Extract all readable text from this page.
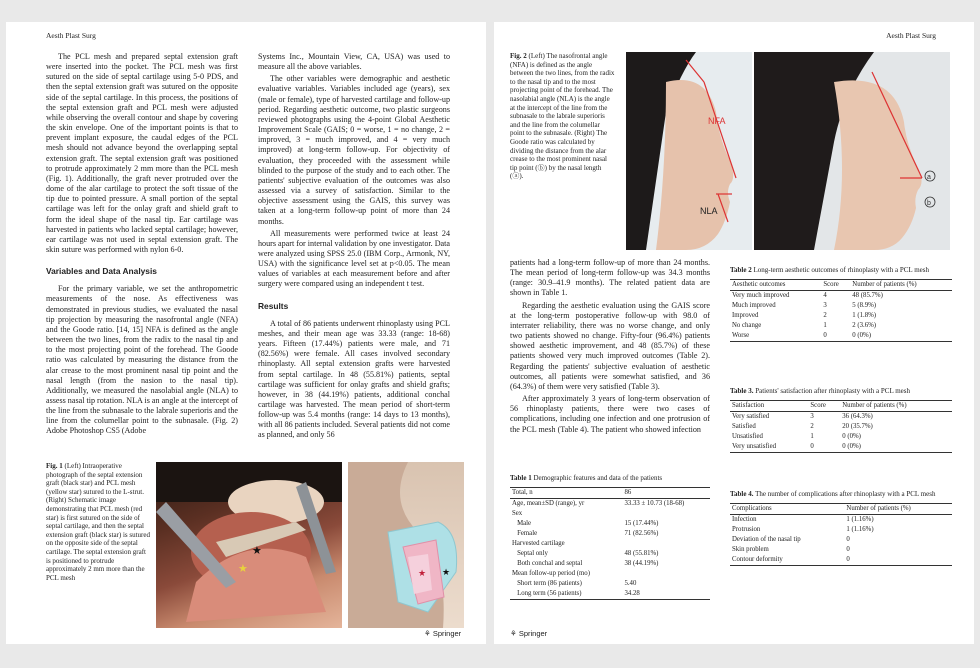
Aesth Plast Surg

The PCL mesh and prepared septal extension graft were inserted into the pocket. The PCL mesh was first sutured on the side of septal cartilage using 5-0 PDS, and then the septal extension graft was sutured on the opposite side of the septal cartilage. In this process, the positions of the septal extension graft and PCL mesh were adjusted while observing the overall contour and shape by covering the skin envelope. One of the important points is that to prevent implant exposure, the caudal edges of the PCL mesh should not advance beyond the overlapping septal extension graft. The septal extension graft was positioned to protrude approximately 2 mm more than the PCL mesh (Fig. 1). Additionally, the graft never protruded over the dome of the alar cartilage to protect the soft tissue of the tip due to pointed pressure. A small portion of the septal cartilage was left for the onlay graft and shield graft to form the ideal shape of the nasal tip. Ear cartilage was harvested in patients who lacked septal cartilage; however, ear cartilage was not used in septal extension graft. The skin suture was performed with nylon 6-0.

Variables and Data Analysis

For the primary variable, we set the anthropometric measurements of the nose. As effectiveness was demonstrated in previous studies, we evaluated the nasal tip projection by measuring the nasofrontal angle (NFA) and the Goode ratio. [14, 15] NFA is defined as the angle between the two lines, from the radix to the nasal tip and to the most projecting point of the forehead. The Goode ratio was calculated by measuring the distance from the alar crease to the most prominent nasal tip point and the nasal length (from the nasion to the nasal tip). Additionally, we measured the nasolabial angle (NLA) to assess nasal tip rotation. NLA is an angle at the intercept of the line from the subnasale to the labrale superioris and the line from the columellar point to the subnasale. (Fig. 2) Adobe Photoshop CS5 (Adobe

Systems Inc., Mountain View, CA, USA) was used to measure all the above variables.

The other variables were demographic and aesthetic evaluative variables. Variables included age (years), sex (male or female), type of harvested cartilage and follow-up period. Regarding aesthetic outcome, two plastic surgeons reviewed photographs using the 4-point Global Aesthetic Improvement Scale (GAIS; 0 = worse, 1 = no change, 2 = improved, 3 = much improved, and 4 = very much improved) at long-term follow-up. For objectivity of evaluation, they proceeded with the assessment while blinded to the purpose of the study and to each other. The patients' subjective evaluation of the outcomes was also assessed via a survey of satisfaction. Similar to the objective assessment using the GAIS, this survey was taken at a long-term follow-up point of more than 24 months.

All measurements were performed twice at least 24 hours apart for internal validation by one investigator. Data were analyzed using SPSS 25.0 (IBM Corp., Armonk, NY, USA) with the significance level set at p<0.05. The mean values of variables at each measurement before and after surgery were compared using an independent t test.

Results

A total of 86 patients underwent rhinoplasty using PCL meshes, and their mean age was 33.33 (range: 18-68) years. Fifteen (17.44%) patients were male, and 71 (82.56%) were female. All cases involved secondary rhinoplasty. All septal extension grafts were harvested from septal cartilage. In 48 (55.81%) patients, septal cartilage was sufficient for onlay grafts and shield grafts; however, in 38 (44.19%) patients, additional conchal cartilage was harvested. The mean period of short-term follow-up was 5.4 months (range: 14 days to 13 months), with all 86 patients included. Several patients did not come as planned, and only 56

Fig. 1 (Left) Intraoperative photograph of the septal extension graft (black star) and PCL mesh (yellow star) sutured to the L-strut. (Right) Schematic image demonstrating that PCL mesh (red star) is first sutured on the side of septal cartilage, and then the septal extension graft (black star) is sutured on the opposite side of the septal cartilage. The septal extension graft is positioned to protrude approximately 2 mm more than the PCL mesh
★
★	★ ★
⚘ Springer
Aesth Plast Surg
Fig. 2 (Left) The nasofrontal angle (NFA) is defined as the angle between the two lines, from the radix to the nasal tip and to the most projecting point of the forehead. The nasolabial angle (NLA) is the angle at the intercept of the line from the subnasale to the labrale superioris and the line from the columellar point to the subnasale. (Right) The Goode ratio was calculated by dividing the distance from the alar crease to the most prominent nasal tip point (ⓑ) by the nasal length (ⓐ).
NFA
NLA
a
b

patients had a long-term follow-up of more than 24 months. The mean period of long-term follow-up was 34.3 months (range: 30.9–41.9 months). The related patient data are shown in Table 1.

Regarding the aesthetic evaluation using the GAIS score at the long-term postoperative follow-up with 98.0 of interrater reliability, there was no worse change, and only two patients showed no change. Fifty-four (96.4%) patients showed aesthetic improvement, and 48 (85.7%) of these patients showed very much improved outcomes (Table 2). Regarding the patients' subjective evaluation of aesthetic outcomes, all patients were somewhat satisfied, and 36 (64.3%) of them were very satisfied (Table 3).

After approximately 3 years of long-term observation of 56 rhinoplasty patients, there were two cases of complications, including one infection and one protrusion of the PCL mesh (Table 4). The patient who showed infection

Table 1 Demographic features and data of the patients
Total, n	86
Age, mean±SD (range), yr	33.33 ± 10.73 (18-68)
Sex	
Male	15 (17.44%)
Female	71 (82.56%)
Harvested cartilage	
Septal only	48 (55.81%)
Both conchal and septal	38 (44.19%)
Mean follow-up period (mo)	
Short term (86 patients)	5.40
Long term (56 patients)	34.28
Table 2 Long-term aesthetic outcomes of rhinoplasty with a PCL mesh
Aesthetic outcomes	Score	Number of patients (%)
Very much improved	4	48 (85.7%)
Much improved	3	5 (8.9%)
Improved	2	1 (1.8%)
No change	1	2 (3.6%)
Worse	0	0 (0%)
Table 3. Patients' satisfaction after rhinoplasty with a PCL mesh
Satisfaction	Score	Number of patients (%)
Very satisfied	3	36 (64.3%)
Satisfied	2	20 (35.7%)
Unsatisfied	1	0 (0%)
Very unsatisfied	0	0 (0%)
Table 4. The number of complications after rhinoplasty with a PCL mesh
Complications	Number of patients (%)
Infection	1 (1.16%)
Protrusion	1 (1.16%)
Deviation of the nasal tip	0
Skin problem	0
Contour deformity	0
⚘ Springer
